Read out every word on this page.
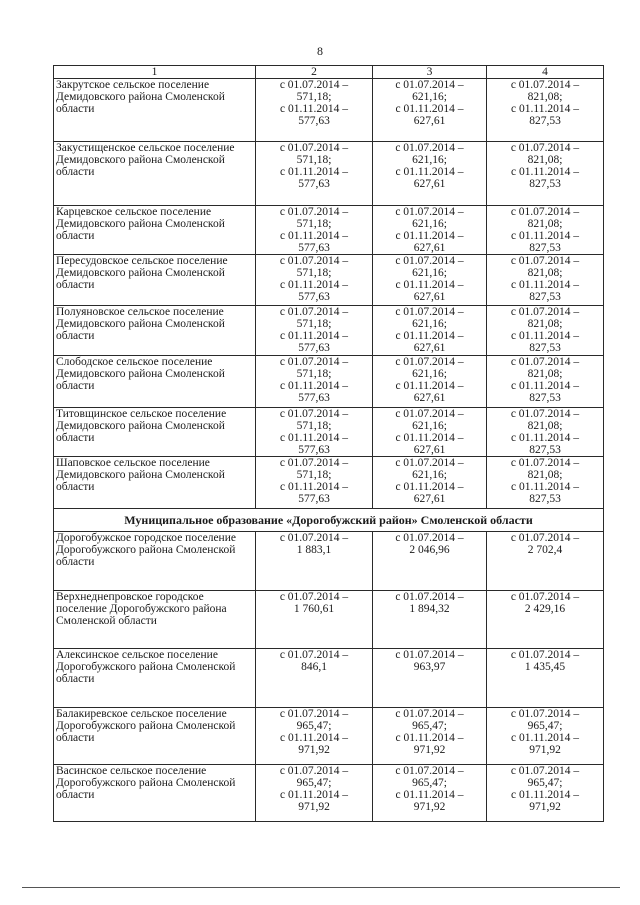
8
1	2	3	4
Закрутское сельское поселение Демидовского района Смоленской области	с 01.07.2014 –
571,18;
с 01.11.2014 –
577,63	с 01.07.2014 –
621,16;
с 01.11.2014 –
627,61	с 01.07.2014 –
821,08;
с 01.11.2014 –
827,53

Закустищенское сельское поселение Демидовского района Смоленской области	с 01.07.2014 –
571,18;
с 01.11.2014 –
577,63	с 01.07.2014 –
621,16;
с 01.11.2014 –
627,61	с 01.07.2014 –
821,08;
с 01.11.2014 –
827,53

Карцевское сельское поселение Демидовского района Смоленской области	с 01.07.2014 –
571,18;
с 01.11.2014 –
577,63	с 01.07.2014 –
621,16;
с 01.11.2014 –
627,61	с 01.07.2014 –
821,08;
с 01.11.2014 –
827,53

Пересудовское сельское поселение Демидовского района Смоленской области	с 01.07.2014 –
571,18;
с 01.11.2014 –
577,63	с 01.07.2014 –
621,16;
с 01.11.2014 –
627,61	с 01.07.2014 –
821,08;
с 01.11.2014 –
827,53

Полуяновское сельское поселение Демидовского района Смоленской области	с 01.07.2014 –
571,18;
с 01.11.2014 –
577,63	с 01.07.2014 –
621,16;
с 01.11.2014 –
627,61	с 01.07.2014 –
821,08;
с 01.11.2014 –
827,53

Слободское сельское поселение Демидовского района Смоленской области	с 01.07.2014 –
571,18;
с 01.11.2014 –
577,63	с 01.07.2014 –
621,16;
с 01.11.2014 –
627,61	с 01.07.2014 –
821,08;
с 01.11.2014 –
827,53

Титовщинское сельское поселение Демидовского района Смоленской области	с 01.07.2014 –
571,18;
с 01.11.2014 –
577,63	с 01.07.2014 –
621,16;
с 01.11.2014 –
627,61	с 01.07.2014 –
821,08;
с 01.11.2014 –
827,53

Шаповское сельское поселение Демидовского района Смоленской области	с 01.07.2014 –
571,18;
с 01.11.2014 –
577,63	с 01.07.2014 –
621,16;
с 01.11.2014 –
627,61	с 01.07.2014 –
821,08;
с 01.11.2014 –
827,53

Муниципальное образование «Дорогобужский район» Смоленской области			
Дорогобужское городское поселение Дорогобужского района Смоленской области	с 01.07.2014 –
1 883,1	с 01.07.2014 –
2 046,96	с 01.07.2014 –
2 702,4

Верхнеднепровское городское поселение Дорогобужского района Смоленской области	с 01.07.2014 –
1 760,61	с 01.07.2014 –
1 894,32	с 01.07.2014 –
2 429,16

Алексинское сельское поселение Дорогобужского района Смоленской области	с 01.07.2014 –
846,1	с 01.07.2014 –
963,97	с 01.07.2014 –
1 435,45

Балакиревское сельское поселение Дорогобужского района Смоленской области	с 01.07.2014 –
965,47;
с 01.11.2014 –
971,92	с 01.07.2014 –
965,47;
с 01.11.2014 –
971,92	с 01.07.2014 –
965,47;
с 01.11.2014 –
971,92

Васинское сельское поселение Дорогобужского района Смоленской области	с 01.07.2014 –
965,47;
с 01.11.2014 –
971,92	с 01.07.2014 –
965,47;
с 01.11.2014 –
971,92	с 01.07.2014 –
965,47;
с 01.11.2014 –
971,92
